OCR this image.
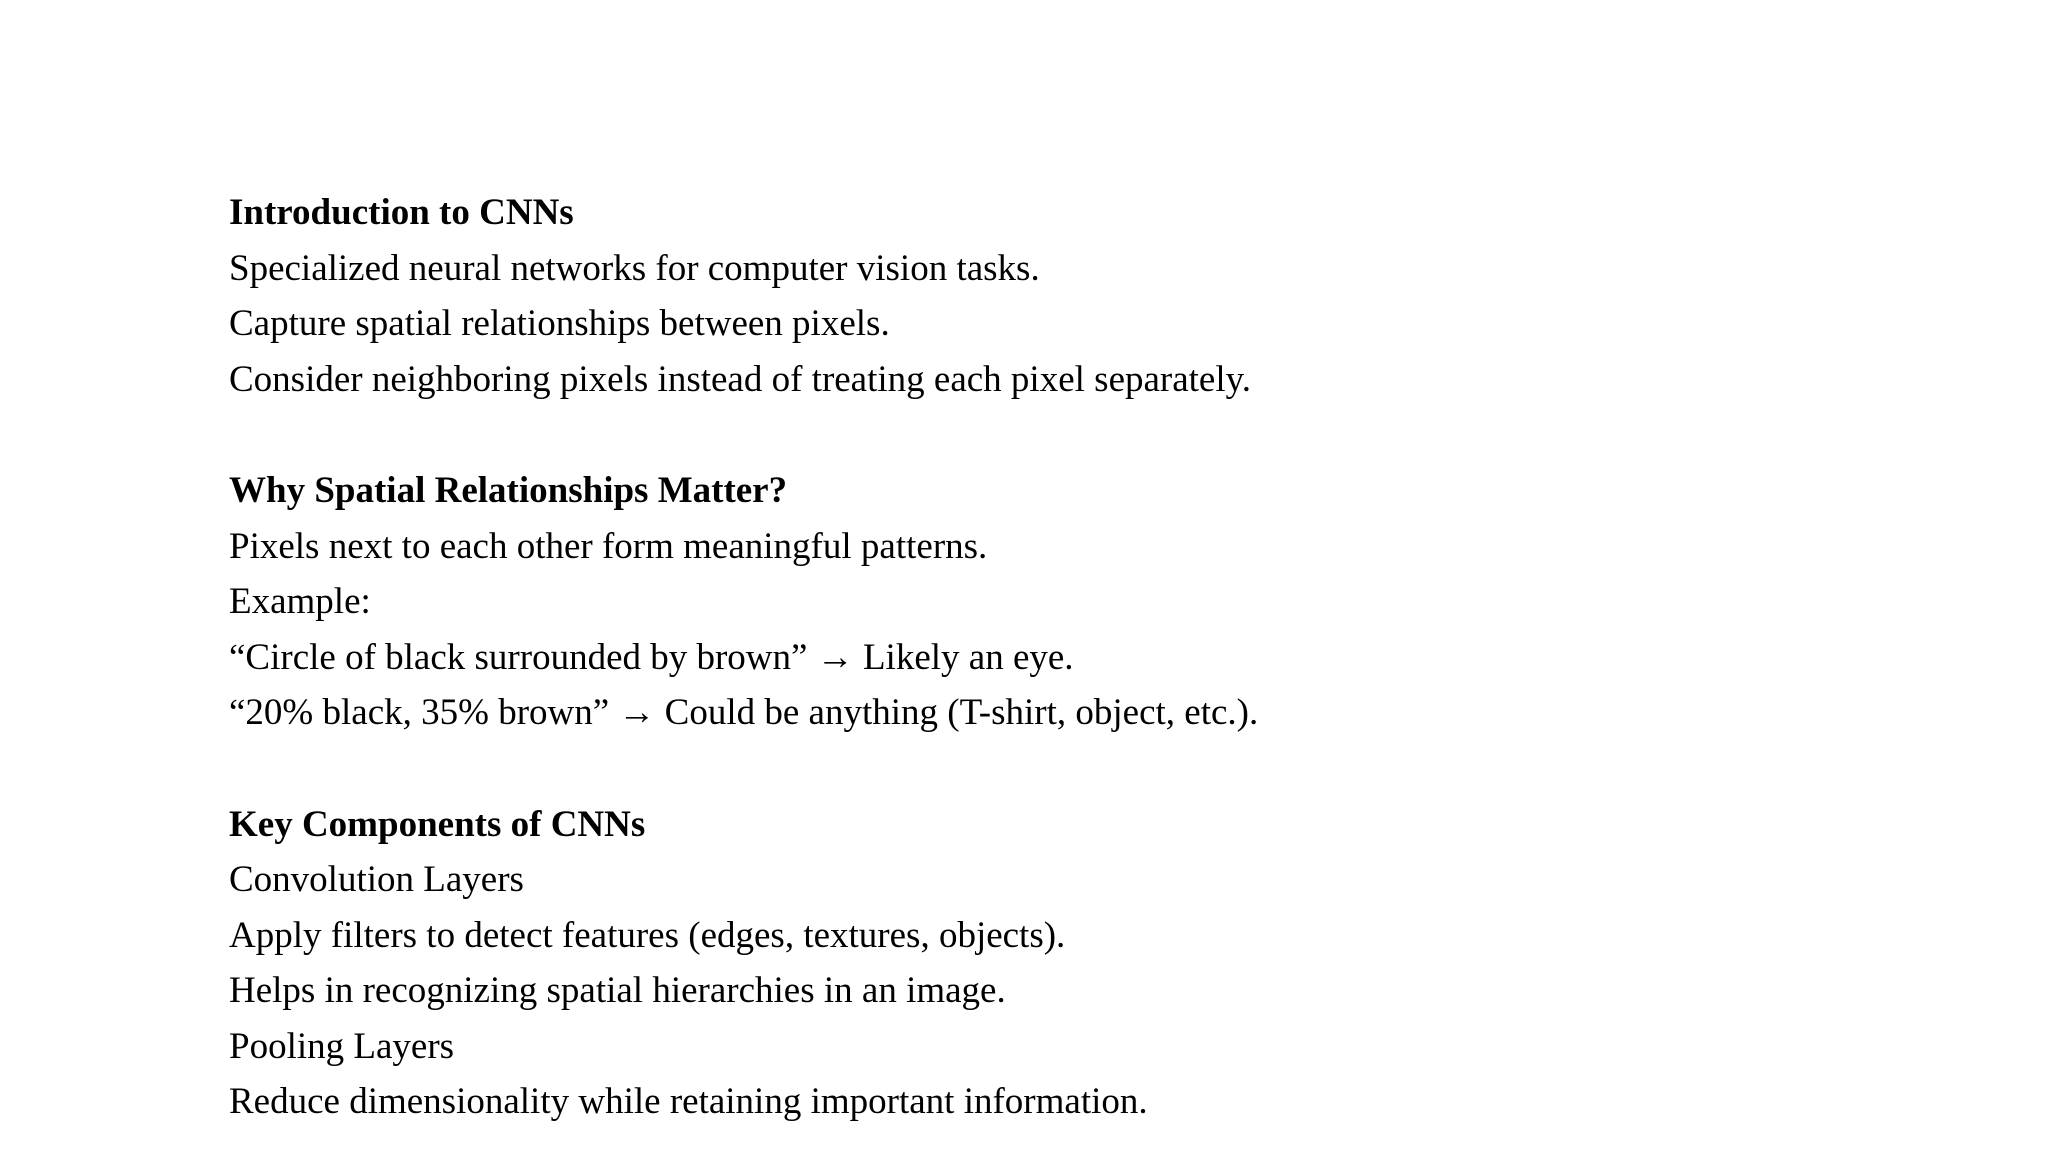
Introduction to CNNs
Specialized neural networks for computer vision tasks.
Capture spatial relationships between pixels.
Consider neighboring pixels instead of treating each pixel separately.
Why Spatial Relationships Matter?
Pixels next to each other form meaningful patterns.
Example:
“Circle of black surrounded by brown” → Likely an eye.
“20% black, 35% brown” → Could be anything (T-shirt, object, etc.).
Key Components of CNNs
Convolution Layers
Apply filters to detect features (edges, textures, objects).
Helps in recognizing spatial hierarchies in an image.
Pooling Layers
Reduce dimensionality while retaining important information.
